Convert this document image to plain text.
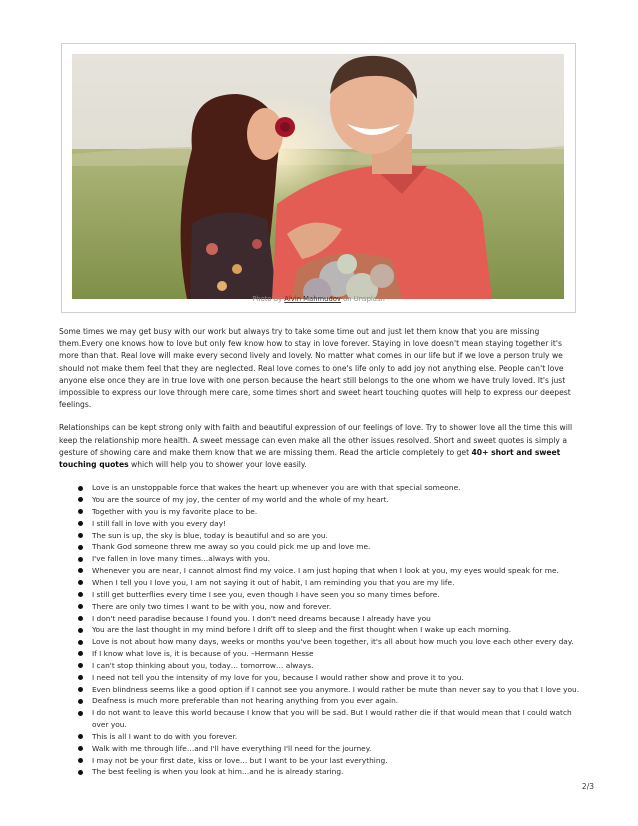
Photo by Alvin Mahmudov on Unsplash

Some times we may get busy with our work but always try to take some time out and just let them know that you are missing them.Every one knows how to love but only few know how to stay in love forever. Staying in love doesn't mean staying together it's more than that. Real love will make every second lively and lovely. No matter what comes in our life but if we love a person truly we should not make them feel that they are neglected. Real love comes to one's life only to add joy not anything else. People can't love anyone else once they are in true love with one person because the heart still belongs to the one whom we have truly loved. It's just impossible to express our love through mere care, some times short and sweet heart touching quotes will help to express our deepest feelings.

Relationships can be kept strong only with faith and beautiful expression of our feelings of love. Try to shower love all the time this will keep the relationship more health. A sweet message can even make all the other issues resolved. Short and sweet quotes is simply a gesture of showing care and make them know that we are missing them. Read the article completely to get 40+ short and sweet touching quotes which will help you to shower your love easily.

Love is an unstoppable force that wakes the heart up whenever you are with that special someone.
You are the source of my joy, the center of my world and the whole of my heart.
Together with you is my favorite place to be.
I still fall in love with you every day!
The sun is up, the sky is blue, today is beautiful and so are you.
Thank God someone threw me away so you could pick me up and love me.
I've fallen in love many times…always with you.
Whenever you are near, I cannot almost find my voice. I am just hoping that when I look at you, my eyes would speak for me.
When I tell you I love you, I am not saying it out of habit, I am reminding you that you are my life.
I still get butterflies every time I see you, even though I have seen you so many times before.
There are only two times I want to be with you, now and forever.
I don't need paradise because I found you. I don't need dreams because I already have you
You are the last thought in my mind before I drift off to sleep and the first thought when I wake up each morning.
Love is not about how many days, weeks or months you've been together, it's all about how much you love each other every day.
If I know what love is, it is because of you. –Hermann Hesse
I can't stop thinking about you, today… tomorrow… always.
I need not tell you the intensity of my love for you, because I would rather show and prove it to you.
Even blindness seems like a good option if I cannot see you anymore. I would rather be mute than never say to you that I love you.
Deafness is much more preferable than not hearing anything from you ever again.
I do not want to leave this world because I know that you will be sad. But I would rather die if that would mean that I could watch over you.
This is all I want to do with you forever.
Walk with me through life…and I'll have everything I'll need for the journey.
I may not be your first date, kiss or love… but I want to be your last everything.
The best feeling is when you look at him…and he is already staring.
2/3
